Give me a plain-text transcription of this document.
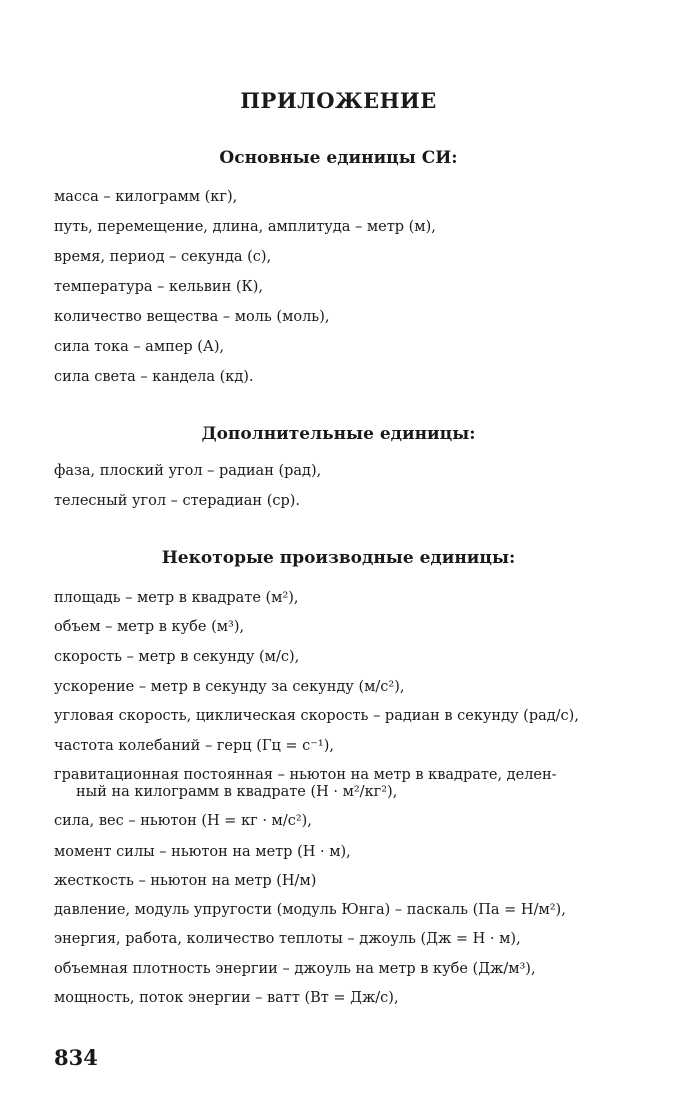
ПРИЛОЖЕНИЕ
Основные единицы СИ:
масса – килограмм (кг),
путь, перемещение, длина, амплитуда – метр (м),
время, период – секунда (с),
температура – кельвин (К),
количество вещества – моль (моль),
сила тока – ампер (А),
сила света – кандела (кд).
Дополнительные единицы:
фаза, плоский угол – радиан (рад),
телесный угол – стерадиан (ср).
Некоторые производные единицы:
площадь – метр в квадрате (м²),
объем – метр в кубе (м³),
скорость – метр в секунду (м/с),
ускорение – метр в секунду за секунду (м/с²),
угловая скорость, циклическая скорость – радиан в секунду (рад/с),
частота колебаний – герц (Гц = с⁻¹),
гравитационная постоянная – ньютон на метр в квадрате, делен-
ный на килограмм в квадрате (Н · м²/кг²),
сила, вес – ньютон (Н = кг · м/с²),
момент силы – ньютон на метр (Н · м),
жесткость – ньютон на метр (Н/м)
давление, модуль упругости (модуль Юнга) – паскаль (Па = Н/м²),
энергия, работа, количество теплоты – джоуль (Дж = Н · м),
объемная плотность энергии – джоуль на метр в кубе (Дж/м³),
мощность, поток энергии – ватт (Вт = Дж/с),
834
